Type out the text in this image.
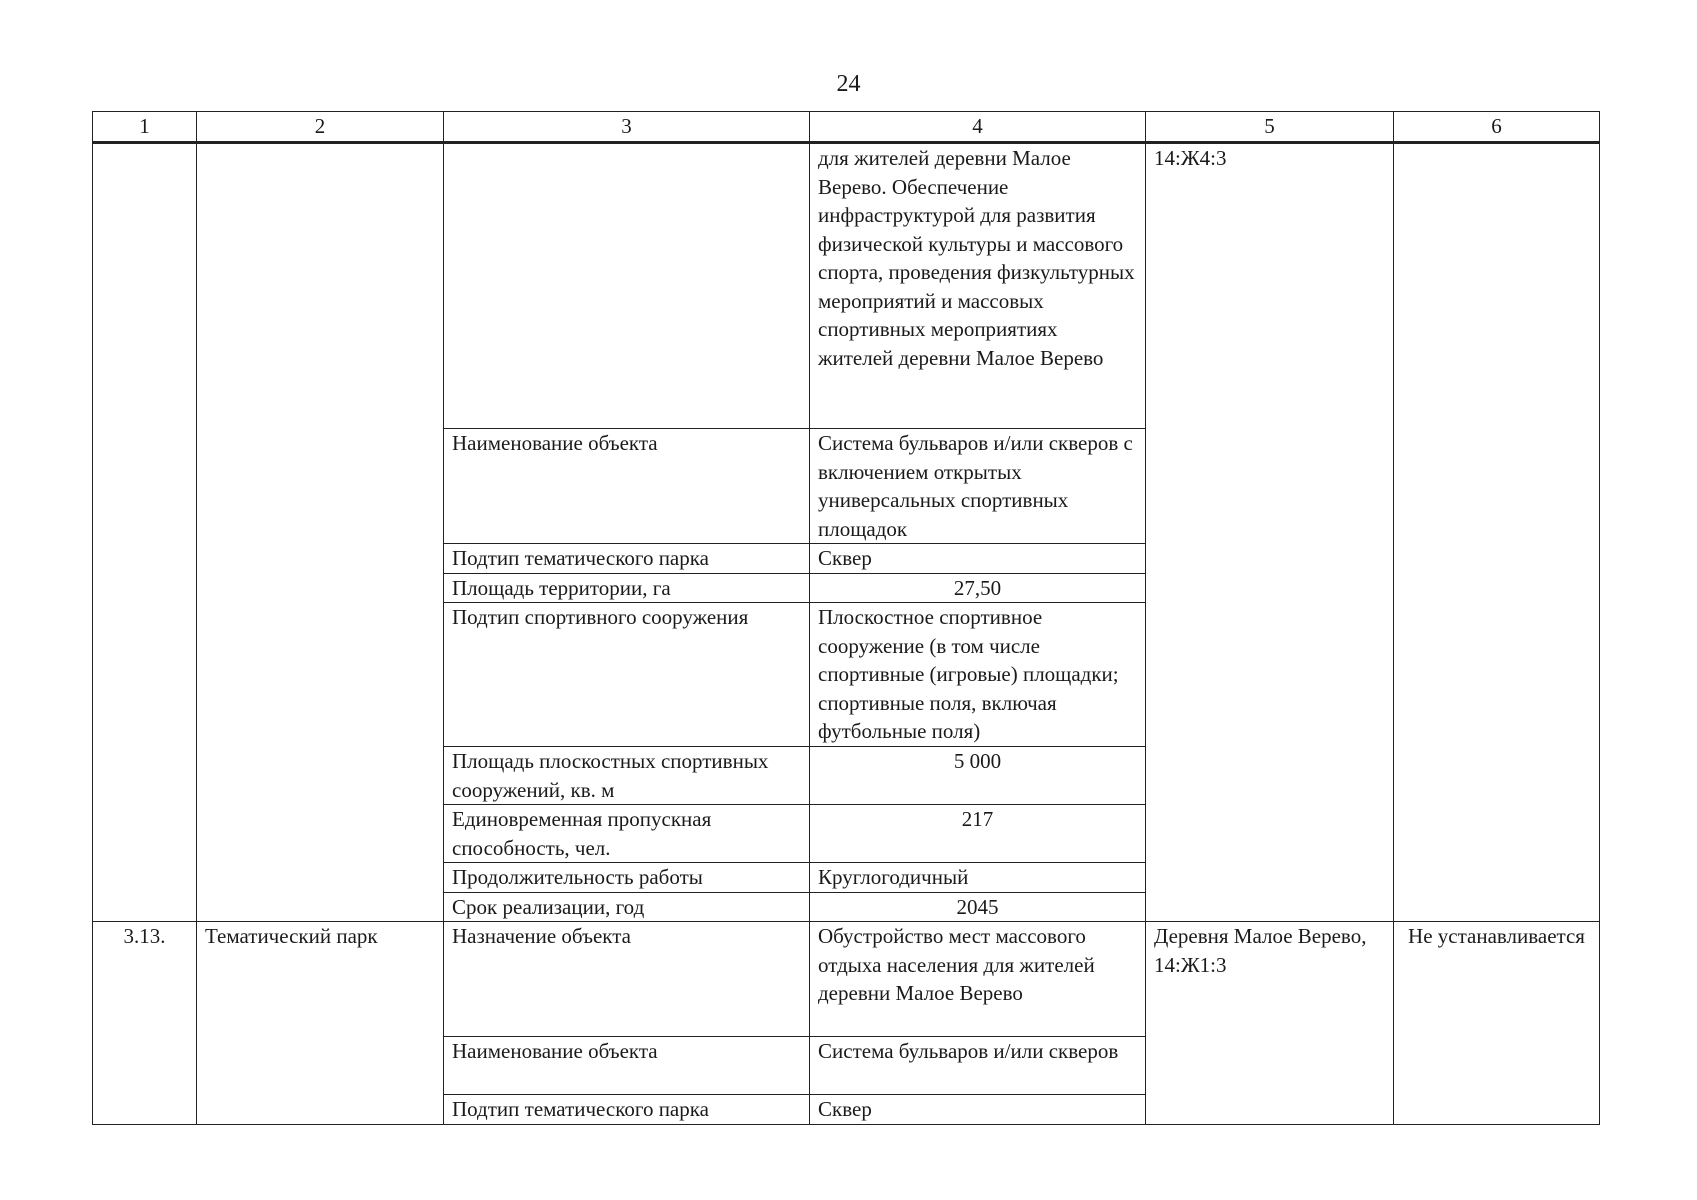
24
1	2	3	4	5	6
			для жителей деревни Малое Верево. Обеспечение инфраструктурой для развития физической культуры и массового спорта, проведения физкультурных мероприятий и массовых спортивных мероприятиях жителей деревни Малое Верево	14:Ж4:3	
		Наименование объекта	Система бульваров и/или скверов с включением открытых универсальных спортивных площадок		
		Подтип тематического парка	Сквер		
		Площадь территории, га	27,50		
		Подтип спортивного сооружения	Плоскостное спортивное сооружение (в том числе спортивные (игровые) площадки; спортивные поля, включая футбольные поля)		
		Площадь плоскостных спортивных сооружений, кв. м	5 000		
		Единовременная пропускная способность, чел.	217		
		Продолжительность работы	Круглогодичный		
		Срок реализации, год	2045		
3.13.	Тематический парк	Назначение объекта	Обустройство мест массового отдыха населения для жителей деревни Малое Верево	Деревня Малое Верево, 14:Ж1:3	Не устанавливается
		Наименование объекта	Система бульваров и/или скверов		
		Подтип тематического парка	Сквер		
